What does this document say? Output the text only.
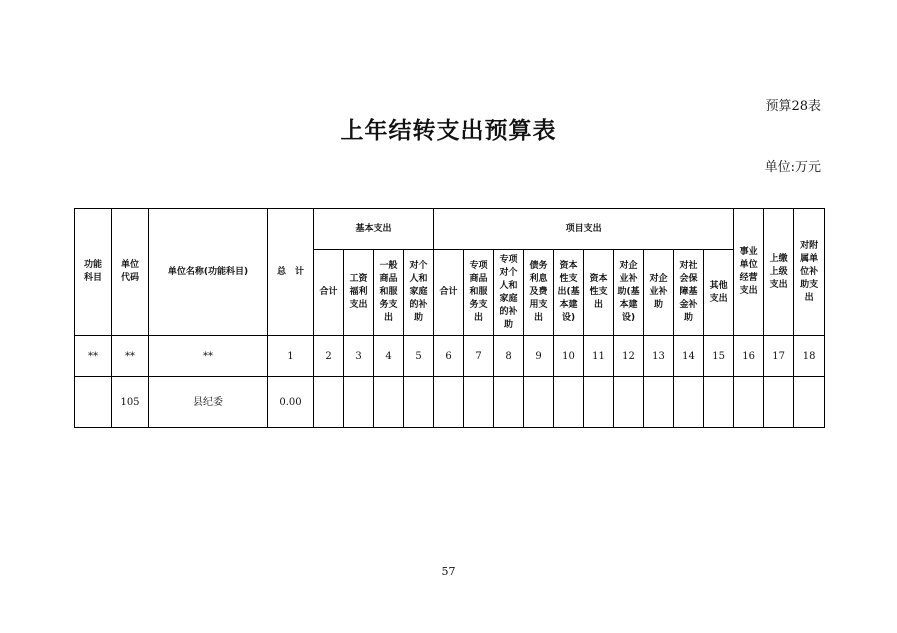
预算28表
上年结转支出预算表
单位:万元
功能科目	单位代码	单位名称(功能科目)	总　计	基本支出				项目支出										事业单位经营支出	上缴上级支出	对附属单位补助支出
				合计	工资福利支出	一般商品和服务支出	对个人和家庭的补助	合计	专项商品和服务支出	专项对个人和家庭的补助	债务利息及费用支出	资本性支出(基本建设)	资本性支出	对企业补助(基本建设)	对企业补助	对社会保障基金补助	其他支出			
**	**	**	1	2	3	4	5	6	7	8	9	10	11	12	13	14	15	16	17	18
	105	县纪委	0.00																	
57
